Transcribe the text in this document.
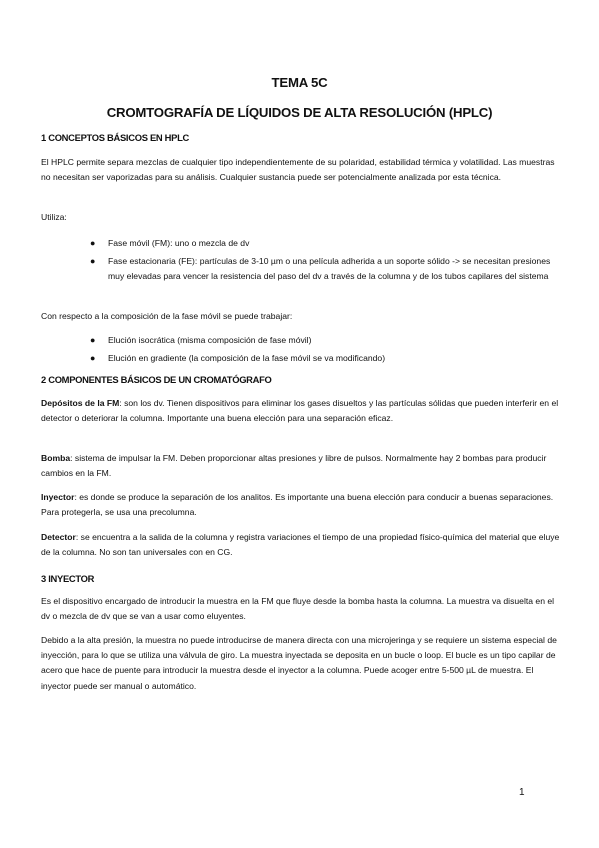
TEMA 5C
CROMTOGRAFÍA DE LÍQUIDOS DE ALTA RESOLUCIÓN (HPLC)
1 CONCEPTOS BÁSICOS EN HPLC
El HPLC permite separa mezclas de cualquier tipo independientemente de su polaridad, estabilidad térmica y volatilidad. Las muestras no necesitan ser vaporizadas para su análisis. Cualquier sustancia puede ser potencialmente analizada por esta técnica.
Utiliza:
● Fase móvil (FM): uno o mezcla de dv
● Fase estacionaria (FE): partículas de 3-10 µm o una película adherida a un soporte sólido -> se necesitan presiones muy elevadas para vencer la resistencia del paso del dv a través de la columna y de los tubos capilares del sistema
Con respecto a la composición de la fase móvil se puede trabajar:
● Elución isocrática (misma composición de fase móvil)
● Elución en gradiente (la composición de la fase móvil se va modificando)
2 COMPONENTES BÁSICOS DE UN CROMATÓGRAFO
Depósitos de la FM: son los dv. Tienen dispositivos para eliminar los gases disueltos y las partículas sólidas que pueden interferir en el detector o deteriorar la columna. Importante una buena elección para una separación eficaz.
Bomba: sistema de impulsar la FM. Deben proporcionar altas presiones y libre de pulsos. Normalmente hay 2 bombas para producir cambios en la FM.
Inyector: es donde se produce la separación de los analitos. Es importante una buena elección para conducir a buenas separaciones. Para protegerla, se usa una precolumna.
Detector: se encuentra a la salida de la columna y registra variaciones el tiempo de una propiedad físico-química del material que eluye de la columna. No son tan universales con en CG.
3 INYECTOR
Es el dispositivo encargado de introducir la muestra en la FM que fluye desde la bomba hasta la columna. La muestra va disuelta en el dv o mezcla de dv que se van a usar como eluyentes.
Debido a la alta presión, la muestra no puede introducirse de manera directa con una microjeringa y se requiere un sistema especial de inyección, para lo que se utiliza una válvula de giro. La muestra inyectada se deposita en un bucle o loop. El bucle es un tipo capilar de acero que hace de puente para introducir la muestra desde el inyector a la columna. Puede acoger entre 5-500 µL de muestra. El inyector puede ser manual o automático.
1
